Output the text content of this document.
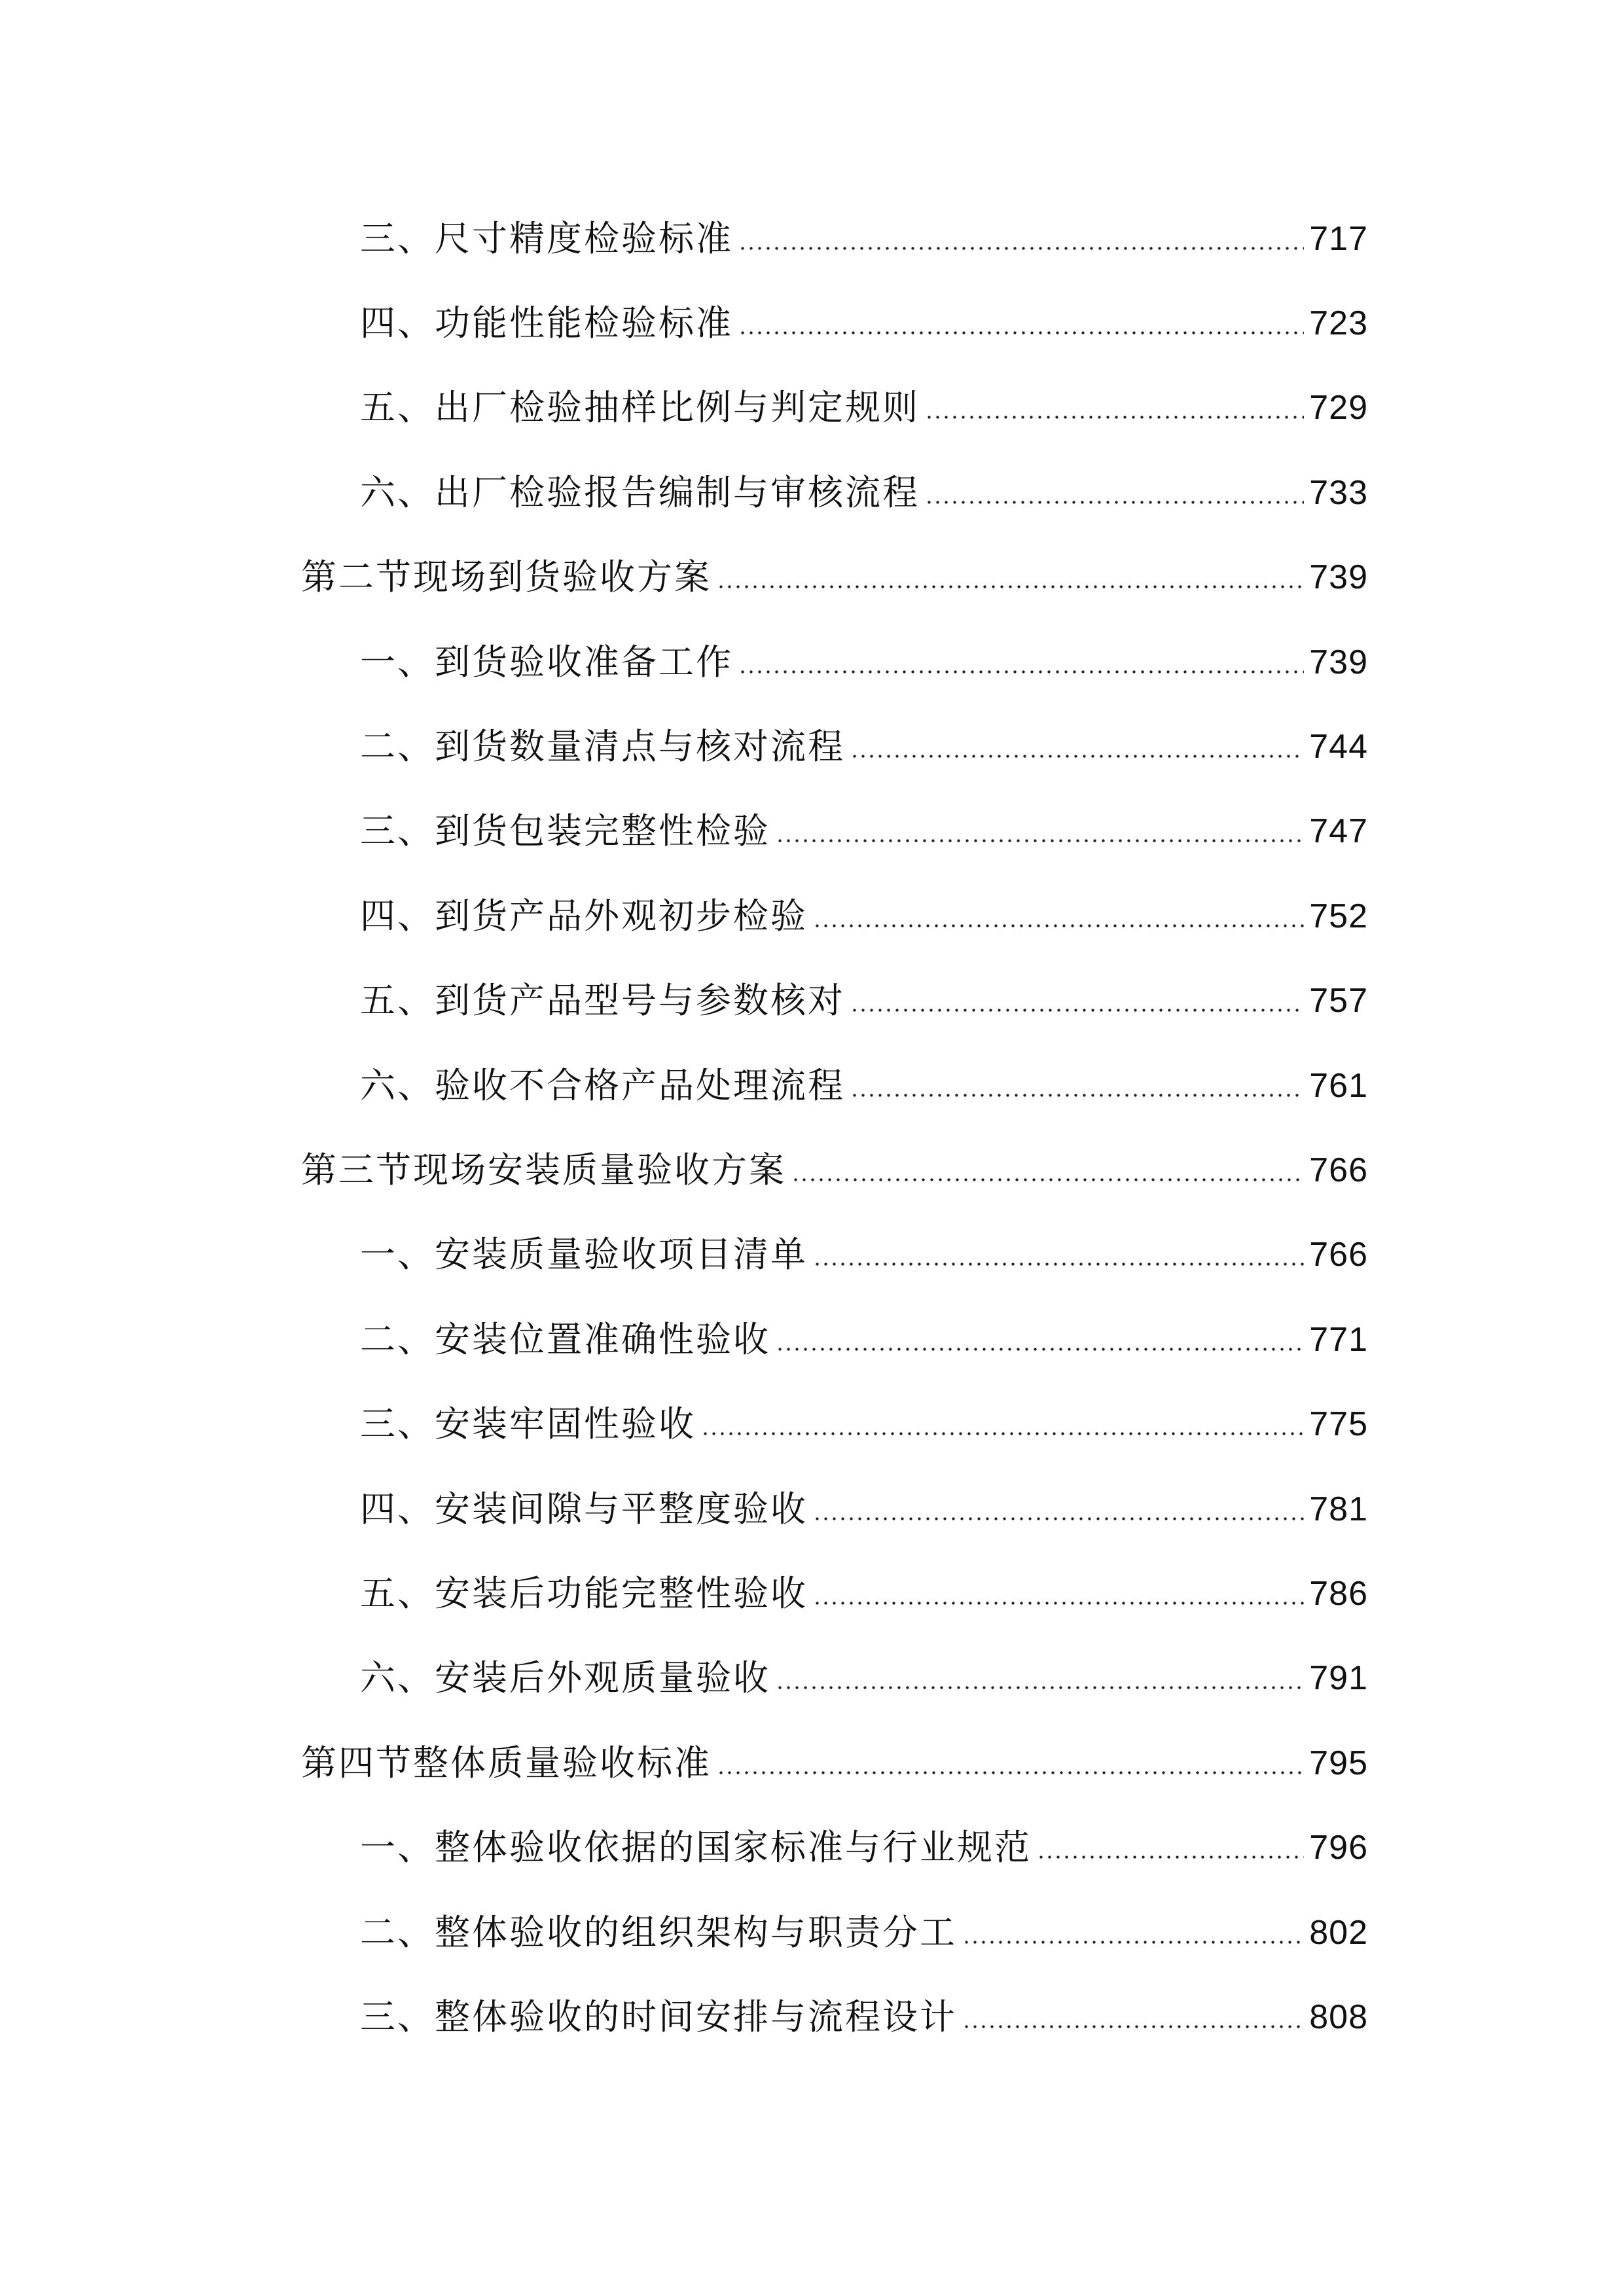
三、尺寸精度检验标准	717
四、功能性能检验标准	723
五、出厂检验抽样比例与判定规则	729
六、出厂检验报告编制与审核流程	733
第二节现场到货验收方案	739
一、到货验收准备工作	739
二、到货数量清点与核对流程	744
三、到货包装完整性检验	747
四、到货产品外观初步检验	752
五、到货产品型号与参数核对	757
六、验收不合格产品处理流程	761
第三节现场安装质量验收方案	766
一、安装质量验收项目清单	766
二、安装位置准确性验收	771
三、安装牢固性验收	775
四、安装间隙与平整度验收	781
五、安装后功能完整性验收	786
六、安装后外观质量验收	791
第四节整体质量验收标准	795
一、整体验收依据的国家标准与行业规范	796
二、整体验收的组织架构与职责分工	802
三、整体验收的时间安排与流程设计	808
